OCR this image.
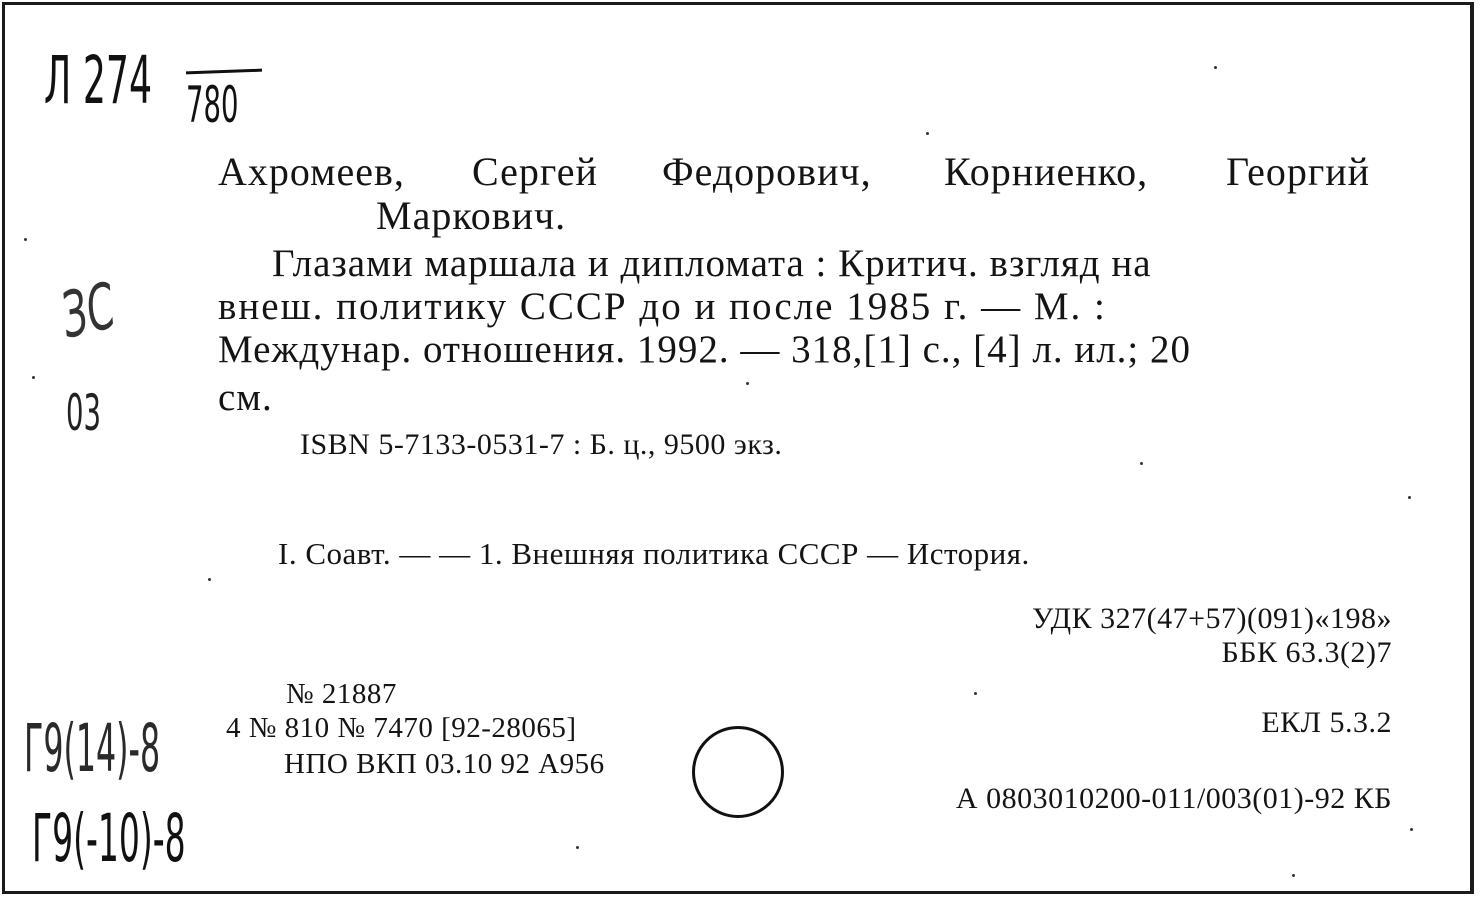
Л 274 780
ЗС
03
Ахромеев, Сергей Федорович, Корниенко, Георгий
Маркович.
Глазами маршала и дипломата : Критич. взгляд на
внеш. политику СССР до и после 1985 г. — М. :
Междунар. отношения. 1992. — 318,[1] с., [4] л. ил.; 20
см.
ISBN 5-7133-0531-7 : Б. ц., 9500 экз.
I. Соавт. — — 1. Внешняя политика СССР — История.
УДК 327(47+57)(091)«198»
ББК 63.3(2)7
ЕКЛ 5.3.2
А 0803010200-011/003(01)-92 КБ
№ 21887
4 № 810 № 7470 [92-28065]
НПО ВКП 03.10 92 А956
Г9(14)-8
Г9(-10)-8
